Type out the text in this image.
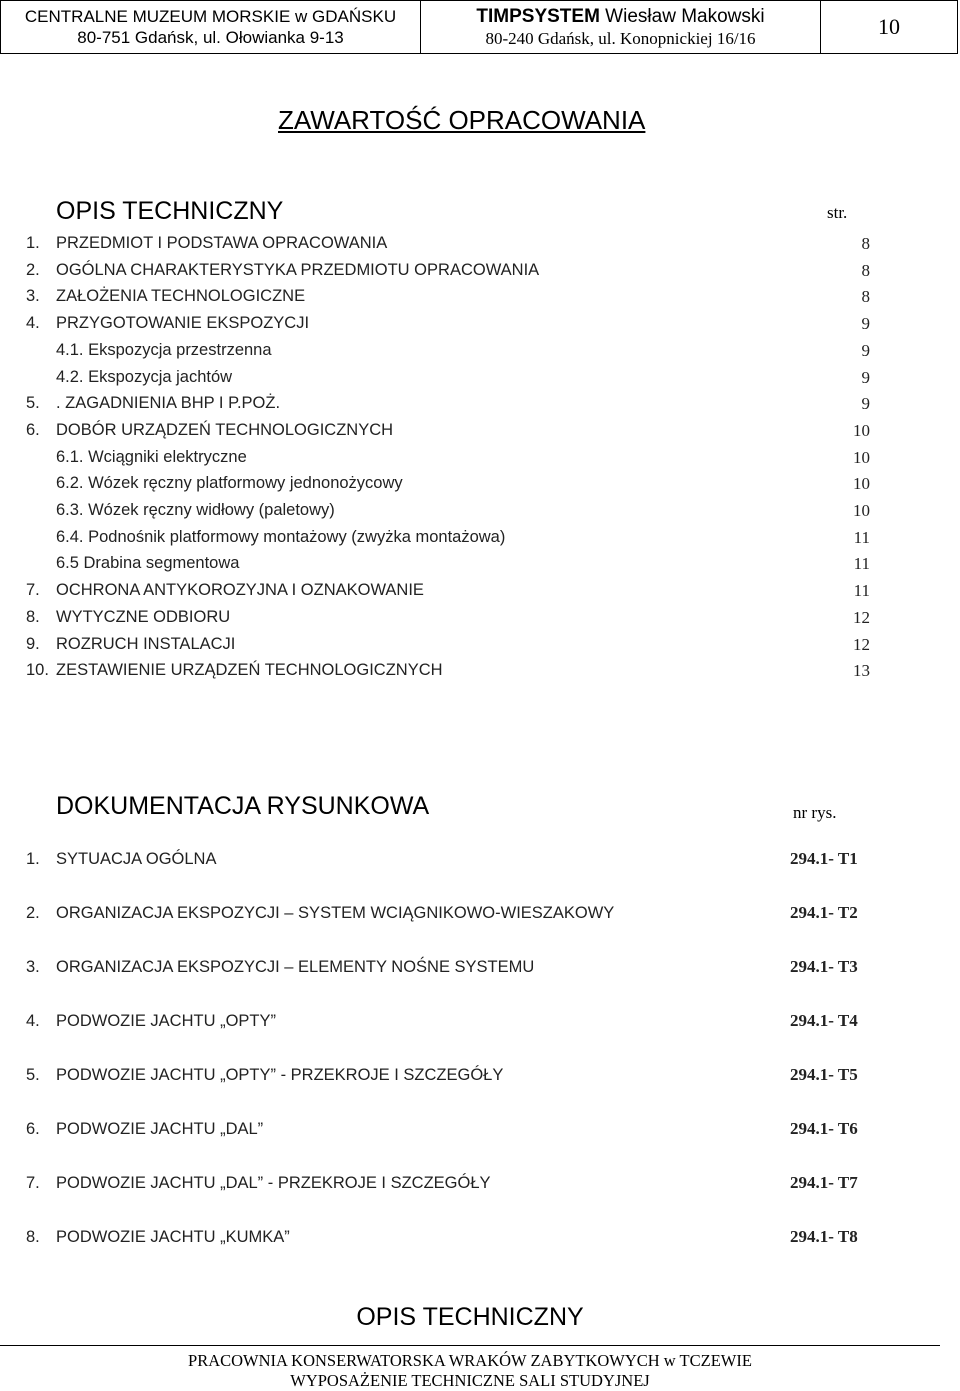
CENTRALNE MUZEUM MORSKIE w GDAŃSKU
80-751 Gdańsk, ul. Ołowianka 9-13
TIMPSYSTEM Wiesław Makowski
80-240 Gdańsk, ul. Konopnickiej 16/16	10
ZAWARTOŚĆ OPRACOWANIA
OPIS TECHNICZNY	str.
1. PRZEDMIOT I PODSTAWA OPRACOWANIA	8
2. OGÓLNA CHARAKTERYSTYKA PRZEDMIOTU OPRACOWANIA	8
3. ZAŁOŻENIA TECHNOLOGICZNE	8
4. PRZYGOTOWANIE EKSPOZYCJI	9
4.1. Ekspozycja przestrzenna	9
4.2. Ekspozycja jachtów	9
5. . ZAGADNIENIA BHP I P.POŻ.	9
6. DOBÓR URZĄDZEŃ TECHNOLOGICZNYCH	10
6.1. Wciągniki elektryczne	10
6.2. Wózek ręczny platformowy jednonożycowy	10
6.3. Wózek ręczny widłowy (paletowy)	10
6.4. Podnośnik platformowy montażowy (zwyżka montażowa)	11
6.5 Drabina segmentowa	11
7. OCHRONA ANTYKOROZYJNA I OZNAKOWANIE	11
8. WYTYCZNE ODBIORU	12
9. ROZRUCH INSTALACJI	12
10. ZESTAWIENIE URZĄDZEŃ TECHNOLOGICZNYCH	13
DOKUMENTACJA RYSUNKOWA	nr rys.
1. SYTUACJA OGÓLNA	294.1- T1
2. ORGANIZACJA EKSPOZYCJI – SYSTEM WCIĄGNIKOWO-WIESZAKOWY	294.1- T2
3. ORGANIZACJA EKSPOZYCJI – ELEMENTY NOŚNE SYSTEMU	294.1- T3
4. PODWOZIE JACHTU „OPTY”	294.1- T4
5. PODWOZIE JACHTU „OPTY” - PRZEKROJE I SZCZEGÓŁY	294.1- T5
6. PODWOZIE JACHTU „DAL”	294.1- T6
7. PODWOZIE JACHTU „DAL” - PRZEKROJE I SZCZEGÓŁY	294.1- T7
8. PODWOZIE JACHTU „KUMKA”	294.1- T8
OPIS TECHNICZNY
PRACOWNIA KONSERWATORSKA WRAKÓW ZABYTKOWYCH w TCZEWIE
WYPOSAŻENIE TECHNICZNE SALI STUDYJNEJ
